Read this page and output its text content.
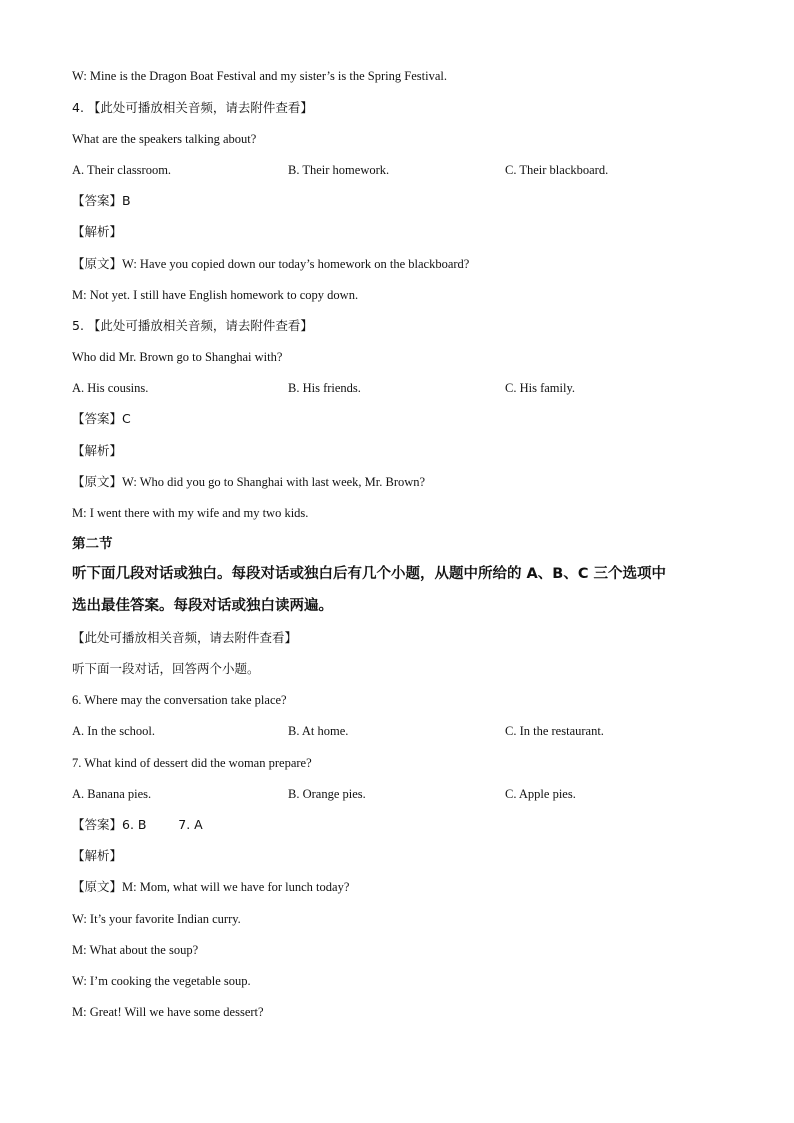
W: Mine is the Dragon Boat Festival and my sister’s is the Spring Festival.
4. 【此处可播放相关音频，请去附件查看】
What are the speakers talking about?
A. Their classroom.	B. Their homework.	C. Their blackboard.
【答案】B
【解析】
【原文】W: Have you copied down our today’s homework on the blackboard?
M: Not yet. I still have English homework to copy down.
5. 【此处可播放相关音频，请去附件查看】
Who did Mr. Brown go to Shanghai with?
A. His cousins.	B. His friends.	C. His family.
【答案】C
【解析】
【原文】W: Who did you go to Shanghai with last week, Mr. Brown?
M: I went there with my wife and my two kids.
第二节
听下面几段对话或独白。每段对话或独白后有几个小题，从题中所给的 A、B、C 三个选项中
选出最佳答案。每段对话或独白读两遍。
【此处可播放相关音频，请去附件查看】
听下面一段对话，回答两个小题。
6. Where may the conversation take place?
A. In the school.	B. At home.	C. In the restaurant.
7. What kind of dessert did the woman prepare?
A. Banana pies.	B. Orange pies.	C. Apple pies.
【答案】6. B        7. A
【解析】
【原文】M: Mom, what will we have for lunch today?
W: It’s your favorite Indian curry.
M: What about the soup?
W: I’m cooking the vegetable soup.
M: Great! Will we have some dessert?
